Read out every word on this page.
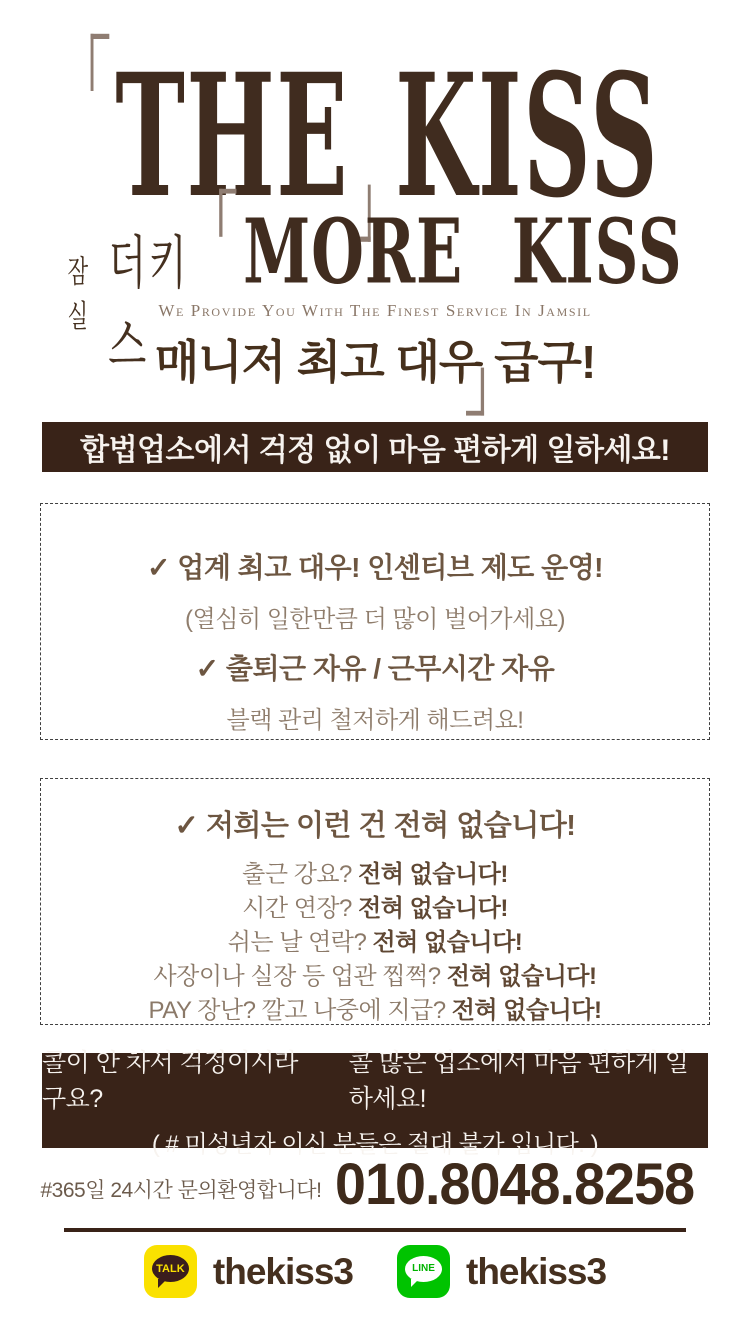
THE KISS
잠실
더키스
MORE KISS
We Provide You With The Finest Service In Jamsil
매니저 최고 대우 급구!
합법업소에서 걱정 없이 마음 편하게 일하세요!
✓ 업계 최고 대우! 인센티브 제도 운영!
(열심히 일한만큼 더 많이 벌어가세요)
✓ 출퇴근 자유 / 근무시간 자유
블랙 관리 철저하게 해드려요!
✓ 저희는 이런 건 전혀 없습니다!
출근 강요? 전혀 없습니다!
시간 연장? 전혀 없습니다!
쉬는 날 연락? 전혀 없습니다!
사장이나 실장 등 업관 찝쩍? 전혀 없습니다!
PAY 장난? 깔고 나중에 지급? 전혀 없습니다!
콜이 안 차서 걱정이시라구요?
콜 많은 업소에서 마음 편하게 일하세요!
( # 미성년자 이신 분들은 절대 불가 입니다. )
#365일 24시간 문의환영합니다! 010.8048.8258
TALK thekiss3	LINE thekiss3
